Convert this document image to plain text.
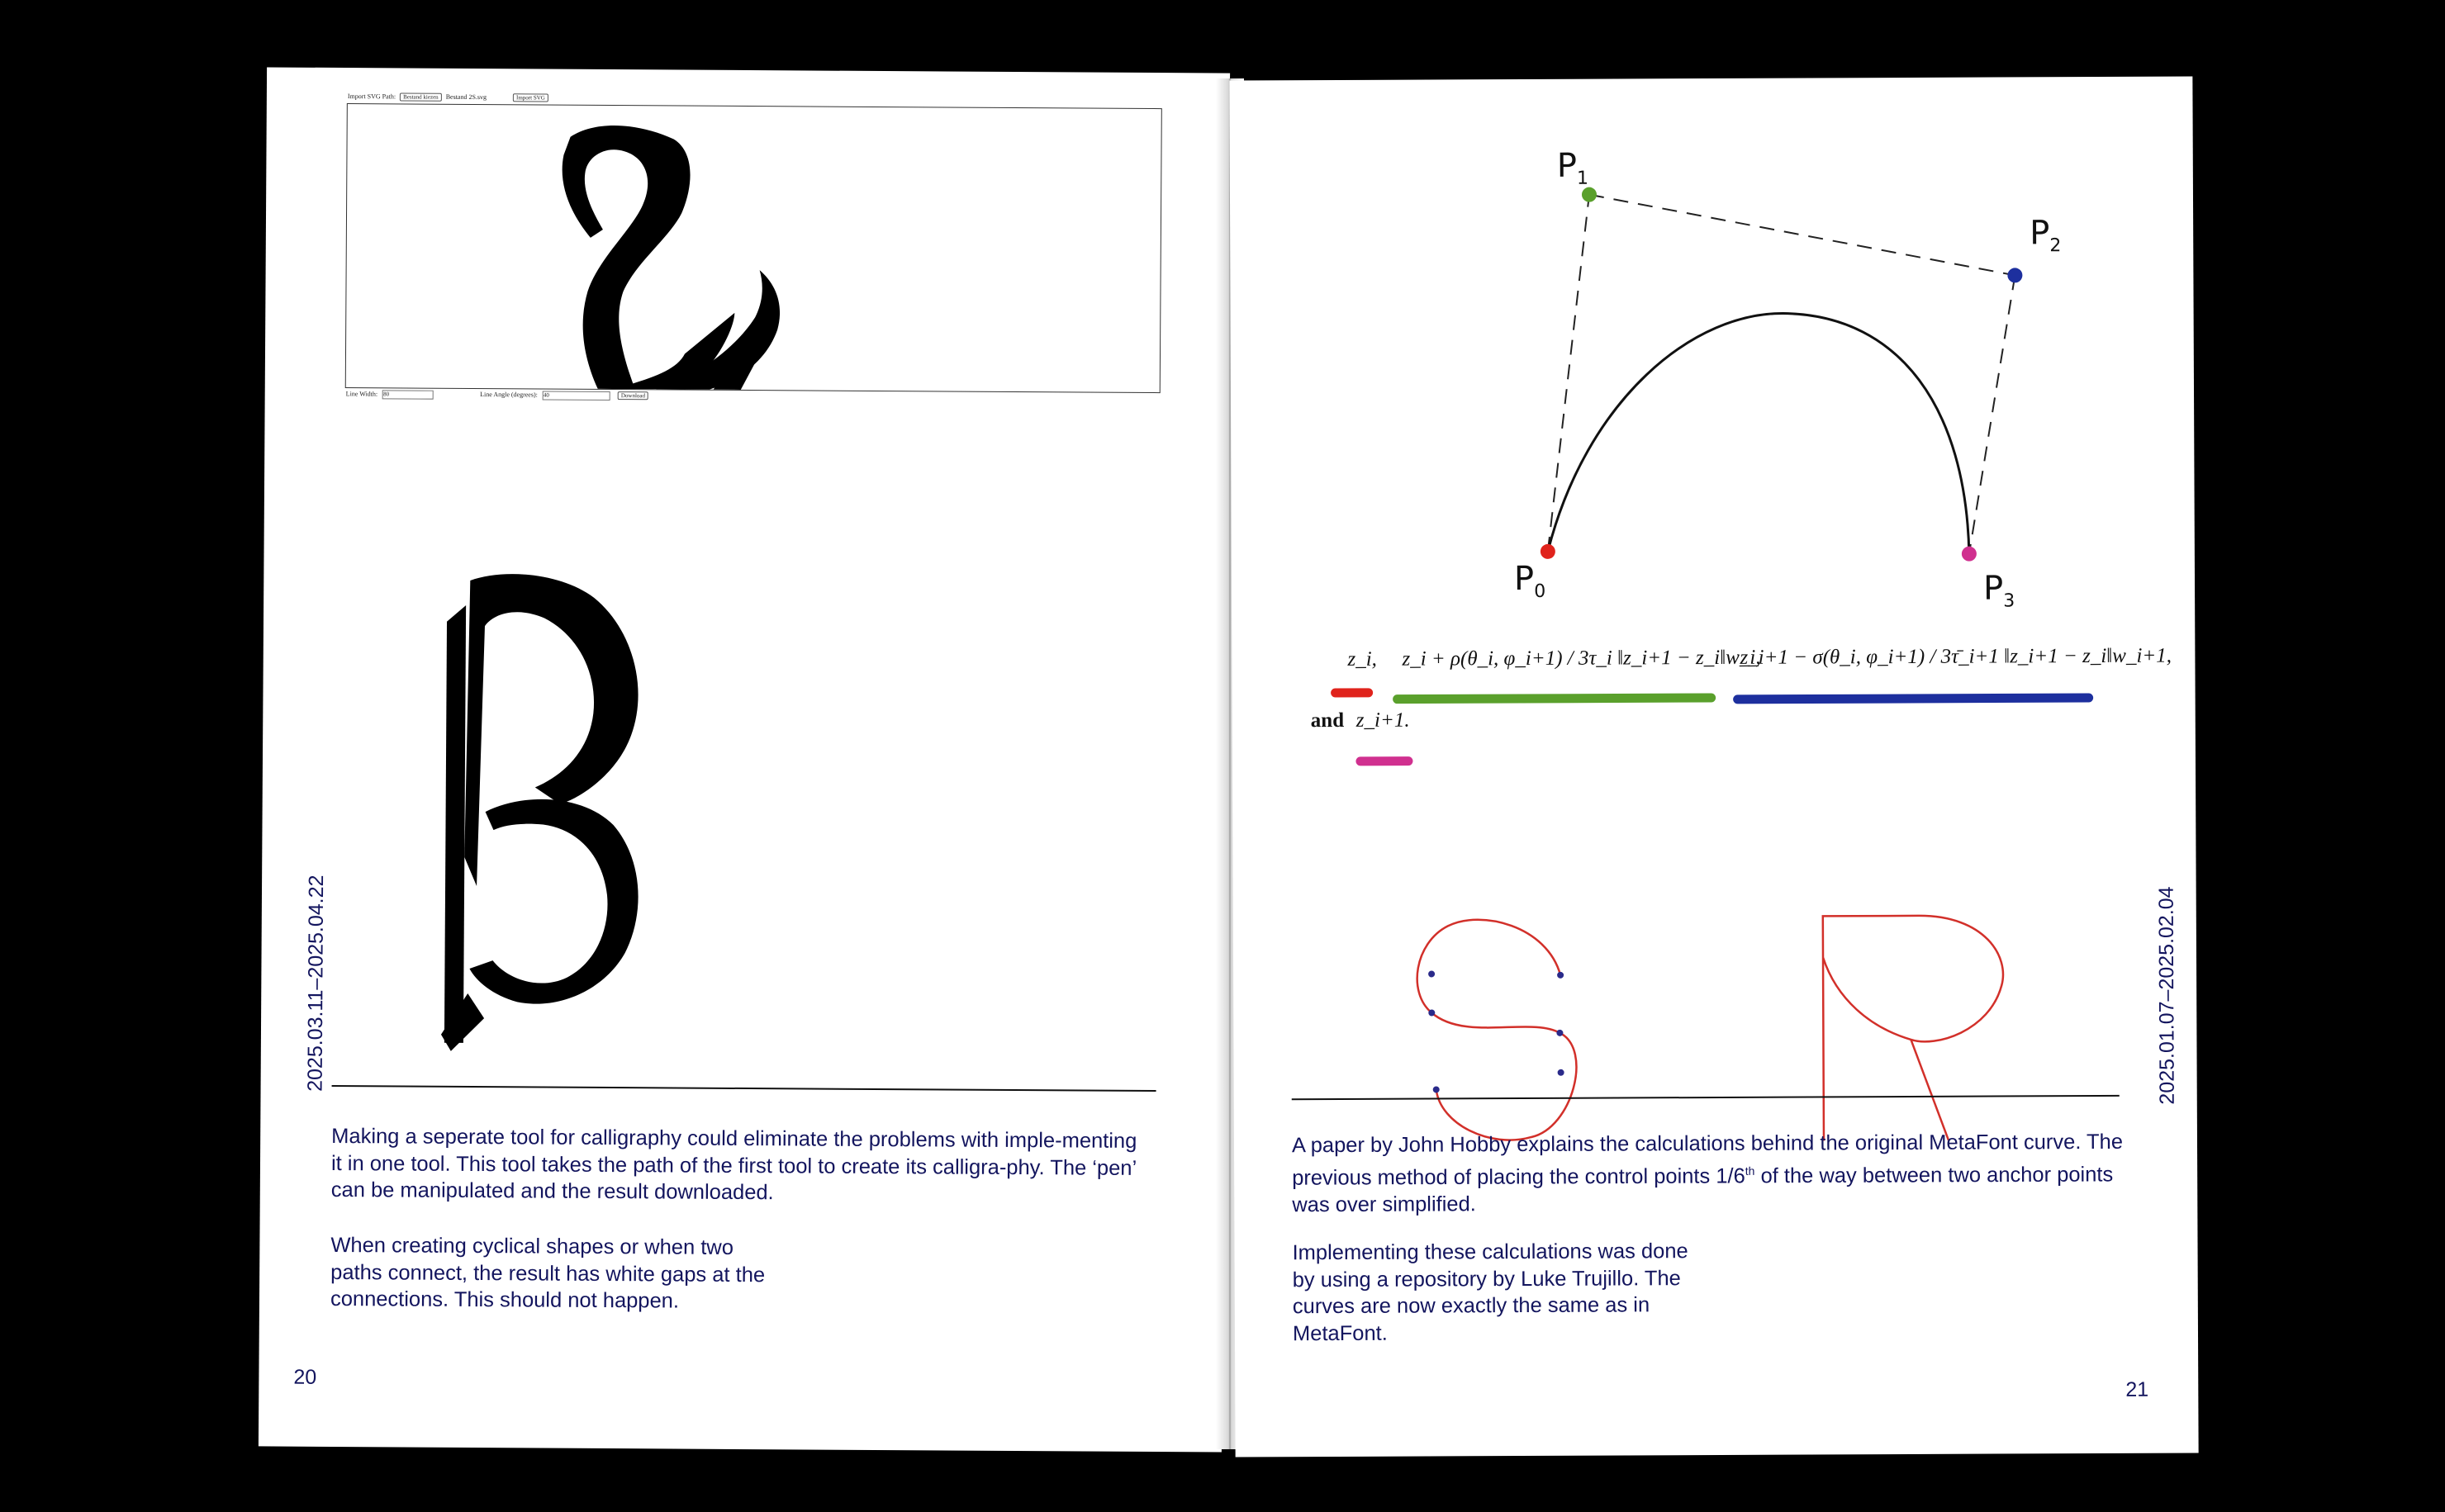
Import SVG Path: Bestand kiezen Bestand 2S.svg	Import SVG
Line Width: 80	Line Angle (degrees): 40	Download
2025.03.11–2025.04.22

Making a seperate tool for calligraphy could eliminate the problems with imple-menting it in one tool. This tool takes the path of the first tool to create its calligra-phy. The ‘pen’ can be manipulated and the result downloaded.

When creating cyclical shapes or when two paths connect, the result has white gaps at the connections. This should not happen.

20
$P_0$
$P_1$
$P_2$
$P_3$
z_i, z_i + ρ(θ_i, φ_i+1) / 3τ_i ‖z_i+1 − z_i‖w_i,
z_i+1 − σ(θ_i, φ_i+1) / 3τ̄_i+1 ‖z_i+1 − z_i‖w_i+1,
and z_i+1.
2025.01.07–2025.02.04

A paper by John Hobby explains the calculations behind the original MetaFont curve. The previous method of placing the control points 1/6th of the way between two anchor points was over simplified.

Implementing these calculations was done by using a repository by Luke Trujillo. The curves are now exactly the same as in MetaFont.

21
